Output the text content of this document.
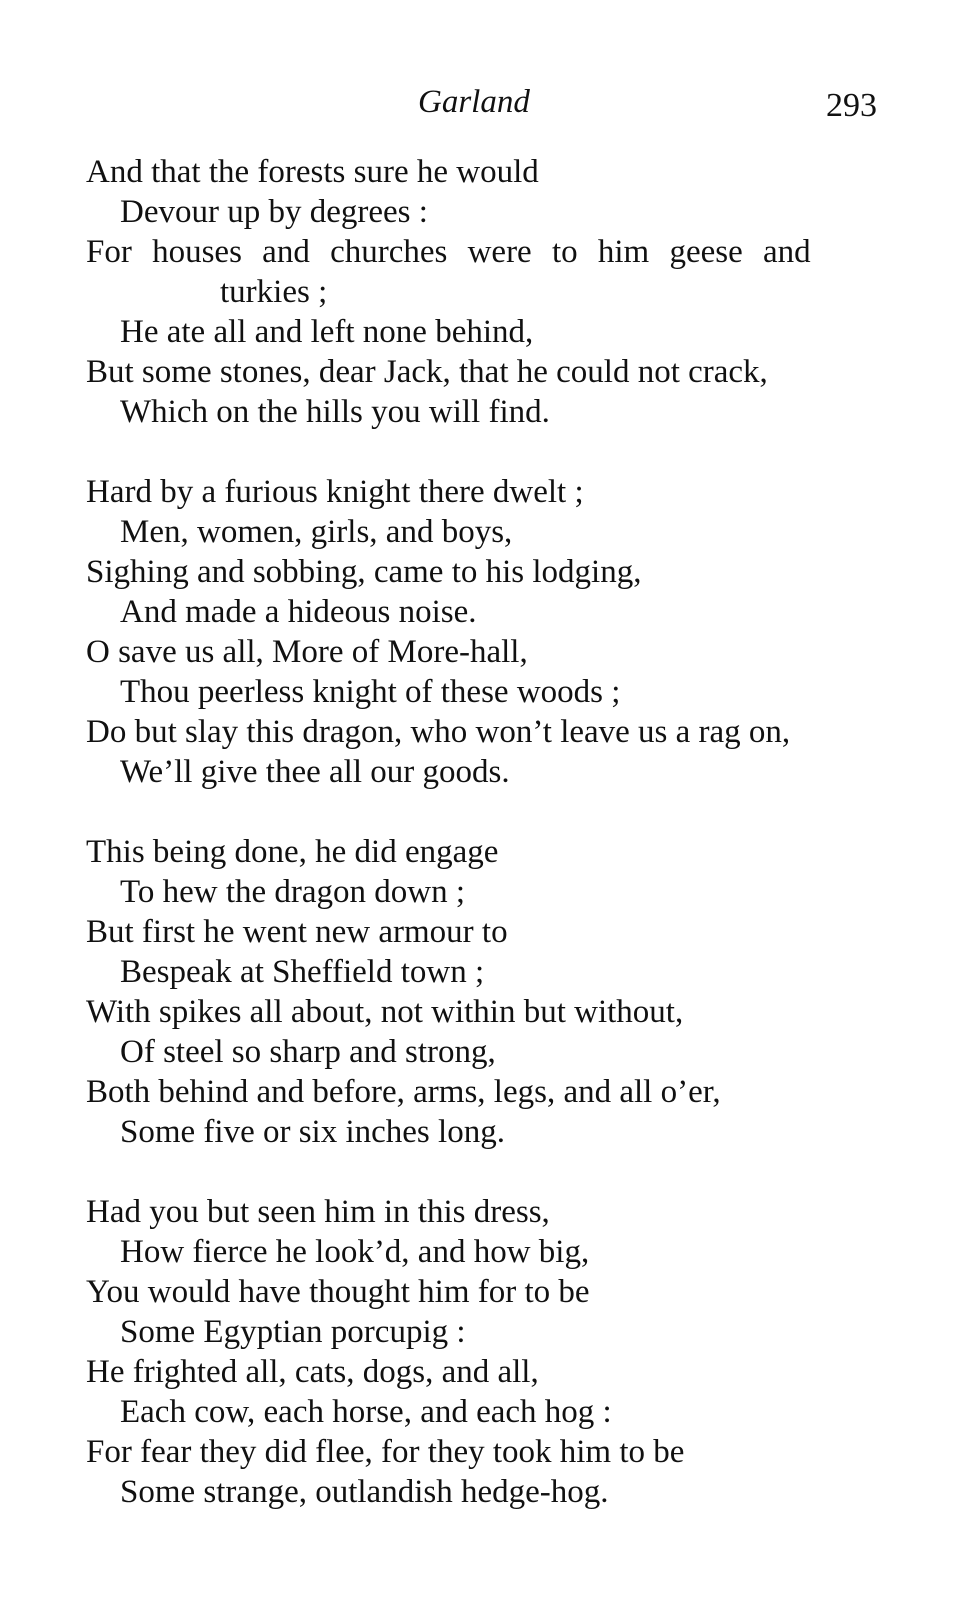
Garland	293
And that the forests sure he would
Devour up by degrees :
For houses and churches were to him geese and
turkies ;
He ate all and left none behind,
But some stones, dear Jack, that he could not crack,
Which on the hills you will find.
Hard by a furious knight there dwelt ;
Men, women, girls, and boys,
Sighing and sobbing, came to his lodging,
And made a hideous noise.
O save us all, More of More-hall,
Thou peerless knight of these woods ;
Do but slay this dragon, who won’t leave us a rag on,
We’ll give thee all our goods.
This being done, he did engage
To hew the dragon down ;
But first he went new armour to
Bespeak at Sheffield town ;
With spikes all about, not within but without,
Of steel so sharp and strong,
Both behind and before, arms, legs, and all o’er,
Some five or six inches long.
Had you but seen him in this dress,
How fierce he look’d, and how big,
You would have thought him for to be
Some Egyptian porcupig :
He frighted all, cats, dogs, and all,
Each cow, each horse, and each hog :
For fear they did flee, for they took him to be
Some strange, outlandish hedge-hog.
